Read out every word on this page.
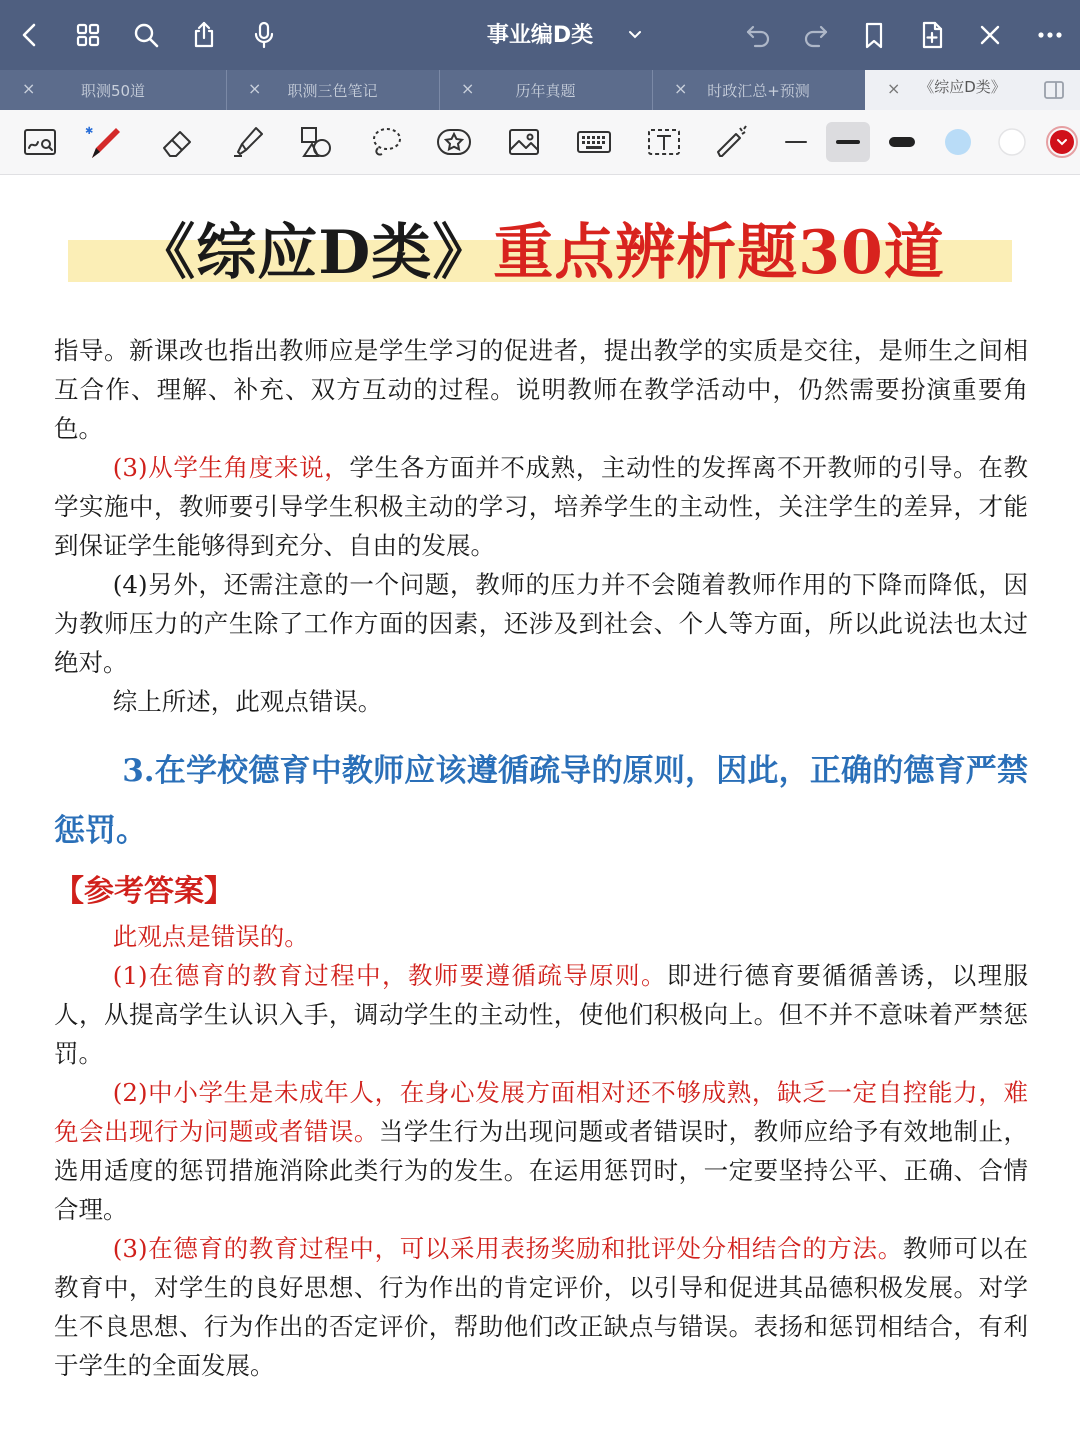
事业编D类
×	职测50道	×	职测三色笔记	×	历年真题	×	时政汇总+预测	×	《综应D类》
✱
《综应D类》重点辨析题30道

指导。新课改也指出教师应是学生学习的促进者，提出教学的实质是交往，是师生之间相互合作、理解、补充、双方互动的过程。说明教师在教学活动中，仍然需要扮演重要角色。

(3)从学生角度来说，学生各方面并不成熟，主动性的发挥离不开教师的引导。在教学实施中，教师要引导学生积极主动的学习，培养学生的主动性，关注学生的差异，才能到保证学生能够得到充分、自由的发展。

(4)另外，还需注意的一个问题，教师的压力并不会随着教师作用的下降而降低，因为教师压力的产生除了工作方面的因素，还涉及到社会、个人等方面，所以此说法也太过绝对。

综上所述，此观点错误。

3.在学校德育中教师应该遵循疏导的原则，因此，正确的德育严禁惩罚。

【参考答案】

此观点是错误的。

(1)在德育的教育过程中，教师要遵循疏导原则。即进行德育要循循善诱，以理服人，从提高学生认识入手，调动学生的主动性，使他们积极向上。但不并不意味着严禁惩罚。

(2)中小学生是未成年人，在身心发展方面相对还不够成熟，缺乏一定自控能力，难免会出现行为问题或者错误。当学生行为出现问题或者错误时，教师应给予有效地制止，选用适度的惩罚措施消除此类行为的发生。在运用惩罚时，一定要坚持公平、正确、合情合理。

(3)在德育的教育过程中，可以采用表扬奖励和批评处分相结合的方法。教师可以在教育中，对学生的良好思想、行为作出的肯定评价，以引导和促进其品德积极发展。对学生不良思想、行为作出的否定评价，帮助他们改正缺点与错误。表扬和惩罚相结合，有利于学生的全面发展。
